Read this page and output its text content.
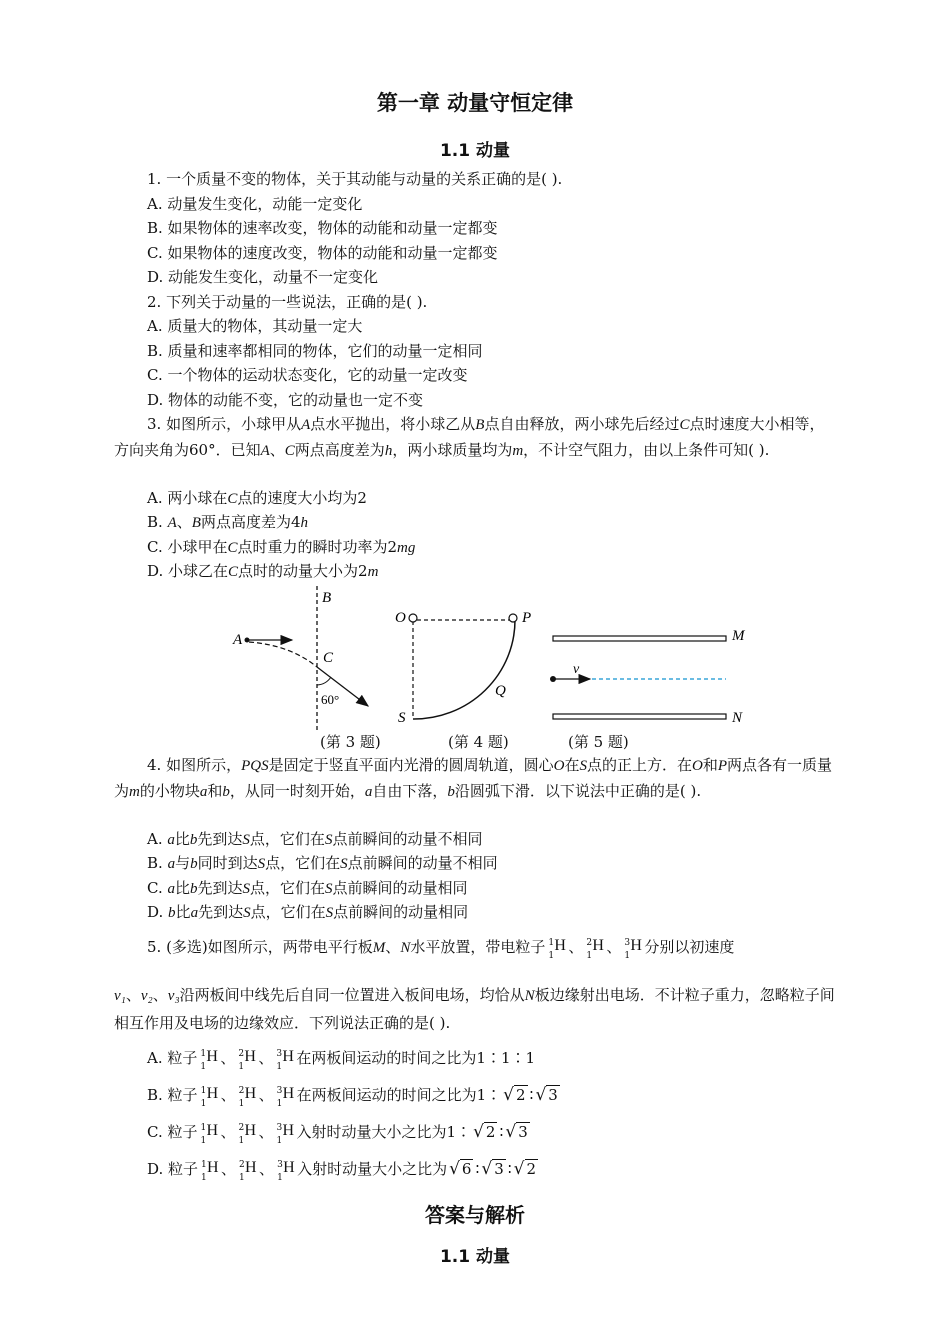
第一章 动量守恒定律
1.1 动量
1. 一个质量不变的物体，关于其动能与动量的关系正确的是( ).
A. 动量发生变化，动能一定变化
B. 如果物体的速率改变，物体的动能和动量一定都变
C. 如果物体的速度改变，物体的动能和动量一定都变
D. 动能发生变化，动量不一定变化
2. 下列关于动量的一些说法，正确的是( ).
A. 质量大的物体，其动量一定大
B. 质量和速率都相同的物体，它们的动量一定相同
C. 一个物体的运动状态变化，它的动量一定改变
D. 物体的动能不变，它的动量也一定不变
3. 如图所示，小球甲从A点水平抛出，将小球乙从B点自由释放，两小球先后经过C点时速度大小相等，方向夹角为60°．已知A、C两点高度差为h，两小球质量均为m，不计空气阻力，由以上条件可知( ).
A. 两小球在C点的速度大小均为2
B. A、B两点高度差为4h
C. 小球甲在C点时重力的瞬时功率为2mg
D. 小球乙在C点时的动量大小为2m
B
A
C
60°
O	P
Q
S
M
N
v
(第 3 题)	(第 4 题)	(第 5 题)
4. 如图所示，PQS是固定于竖直平面内光滑的圆周轨道，圆心O在S点的正上方．在O和P两点各有一质量为m的小物块a和b，从同一时刻开始，a自由下落，b沿圆弧下滑．以下说法中正确的是( ).
A. a比b先到达S点，它们在S点前瞬间的动量不相同
B. a与b同时到达S点，它们在S点前瞬间的动量不相同
C. a比b先到达S点，它们在S点前瞬间的动量相同
D. b比a先到达S点，它们在S点前瞬间的动量相同
5. (多选)如图所示，两带电平行板M、N水平放置，带电粒子 1
1
H 、 2
1
H 、 3
1
H 分别以初速度
v₁、v₂、v₃沿两板间中线先后自同一位置进入板间电场，均恰从N板边缘射出电场．不计粒子重力，忽略粒子间相互作用及电场的边缘效应．下列说法正确的是( ).
A. 粒子 1
1
H 、 2
1
H 、 3
1
H 在两板间运动的时间之比为1∶1∶1
B. 粒子 1
1
H 、 2
1
H 、 3
1
H 在两板间运动的时间之比为1∶ √ 2 ∶ √ 3
C. 粒子 1
1
H 、 2
1
H 、 3
1
H 入射时动量大小之比为1∶ √ 2 ∶ √ 3
D. 粒子 1
1
H 、 2
1
H 、 3
1
H 入射时动量大小之比为 √ 6 ∶ √ 3 ∶ √ 2
答案与解析
1.1 动量
